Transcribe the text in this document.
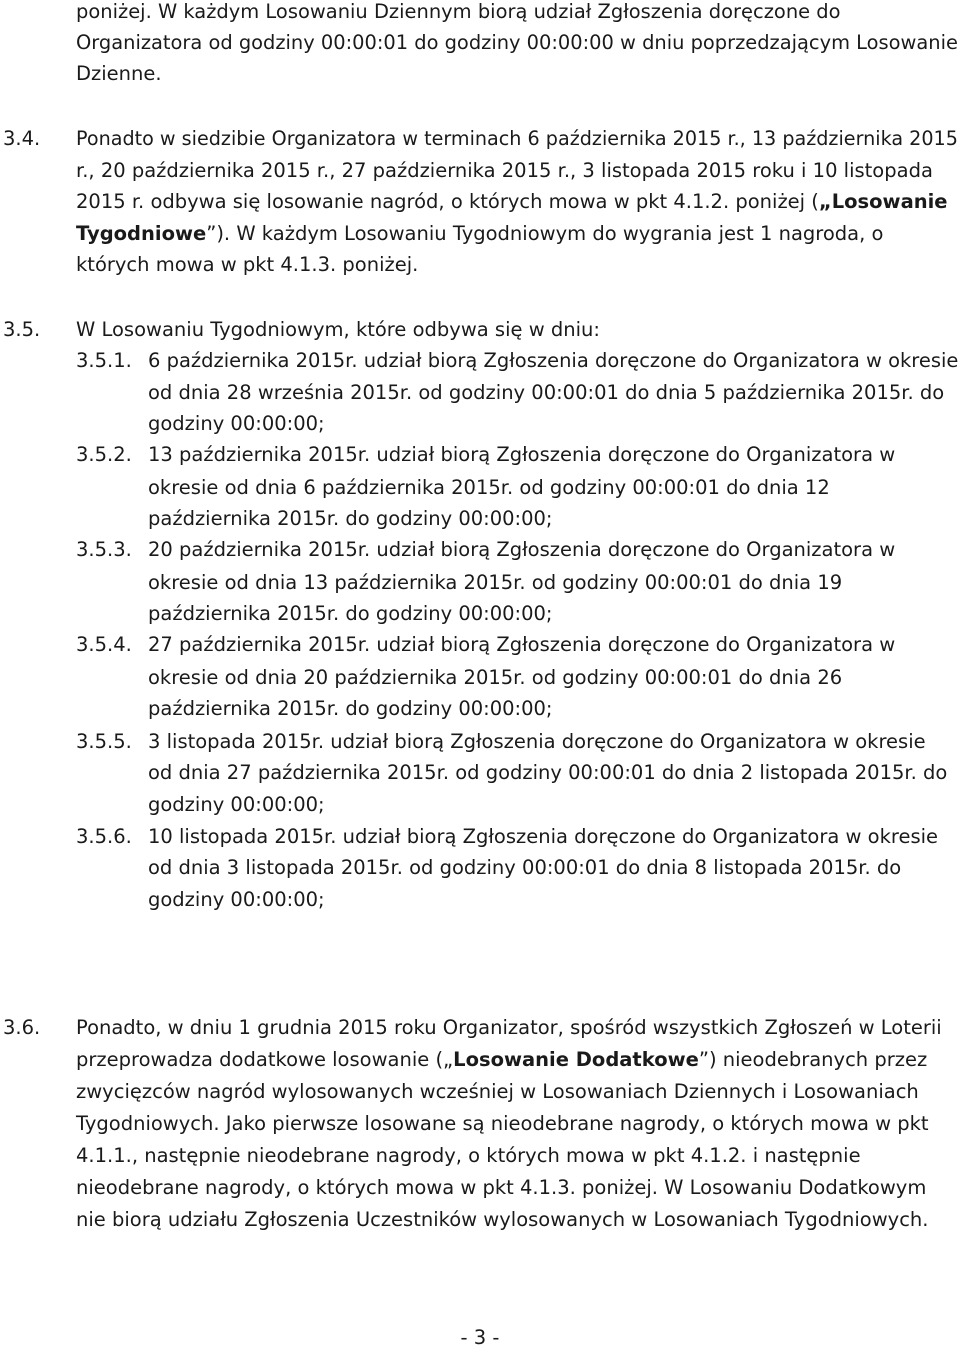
poniżej. W każdym Losowaniu Dziennym biorą udział Zgłoszenia doręczone do
Organizatora od godziny 00:00:01 do godziny 00:00:00 w dniu poprzedzającym Losowanie
Dzienne.
3.4. Ponadto w siedzibie Organizatora w terminach 6 października 2015 r., 13 października 2015
r., 20 października 2015 r., 27 października 2015 r., 3 listopada 2015 roku i 10 listopada
2015 r. odbywa się losowanie nagród, o których mowa w pkt 4.1.2. poniżej („Losowanie
Tygodniowe”). W każdym Losowaniu Tygodniowym do wygrania jest 1 nagroda, o
których mowa w pkt 4.1.3. poniżej.
3.5. W Losowaniu Tygodniowym, które odbywa się w dniu:
3.5.1. 6 października 2015r. udział biorą Zgłoszenia doręczone do Organizatora w okresie
od dnia 28 września 2015r. od godziny 00:00:01 do dnia 5 października 2015r. do
godziny 00:00:00;
3.5.2. 13 października 2015r. udział biorą Zgłoszenia doręczone do Organizatora w
okresie od dnia 6 października 2015r. od godziny 00:00:01 do dnia 12
października 2015r. do godziny 00:00:00;
3.5.3. 20 października 2015r. udział biorą Zgłoszenia doręczone do Organizatora w
okresie od dnia 13 października 2015r. od godziny 00:00:01 do dnia 19
października 2015r. do godziny 00:00:00;
3.5.4. 27 października 2015r. udział biorą Zgłoszenia doręczone do Organizatora w
okresie od dnia 20 października 2015r. od godziny 00:00:01 do dnia 26
października 2015r. do godziny 00:00:00;
3.5.5. 3 listopada 2015r. udział biorą Zgłoszenia doręczone do Organizatora w okresie
od dnia 27 października 2015r. od godziny 00:00:01 do dnia 2 listopada 2015r. do
godziny 00:00:00;
3.5.6. 10 listopada 2015r. udział biorą Zgłoszenia doręczone do Organizatora w okresie
od dnia 3 listopada 2015r. od godziny 00:00:01 do dnia 8 listopada 2015r. do
godziny 00:00:00;
3.6. Ponadto, w dniu 1 grudnia 2015 roku Organizator, spośród wszystkich Zgłoszeń w Loterii
przeprowadza dodatkowe losowanie („Losowanie Dodatkowe”) nieodebranych przez
zwycięzców nagród wylosowanych wcześniej w Losowaniach Dziennych i Losowaniach
Tygodniowych. Jako pierwsze losowane są nieodebrane nagrody, o których mowa w pkt
4.1.1., następnie nieodebrane nagrody, o których mowa w pkt 4.1.2. i następnie
nieodebrane nagrody, o których mowa w pkt 4.1.3. poniżej. W Losowaniu Dodatkowym
nie biorą udziału Zgłoszenia Uczestników wylosowanych w Losowaniach Tygodniowych.
- 3 -
